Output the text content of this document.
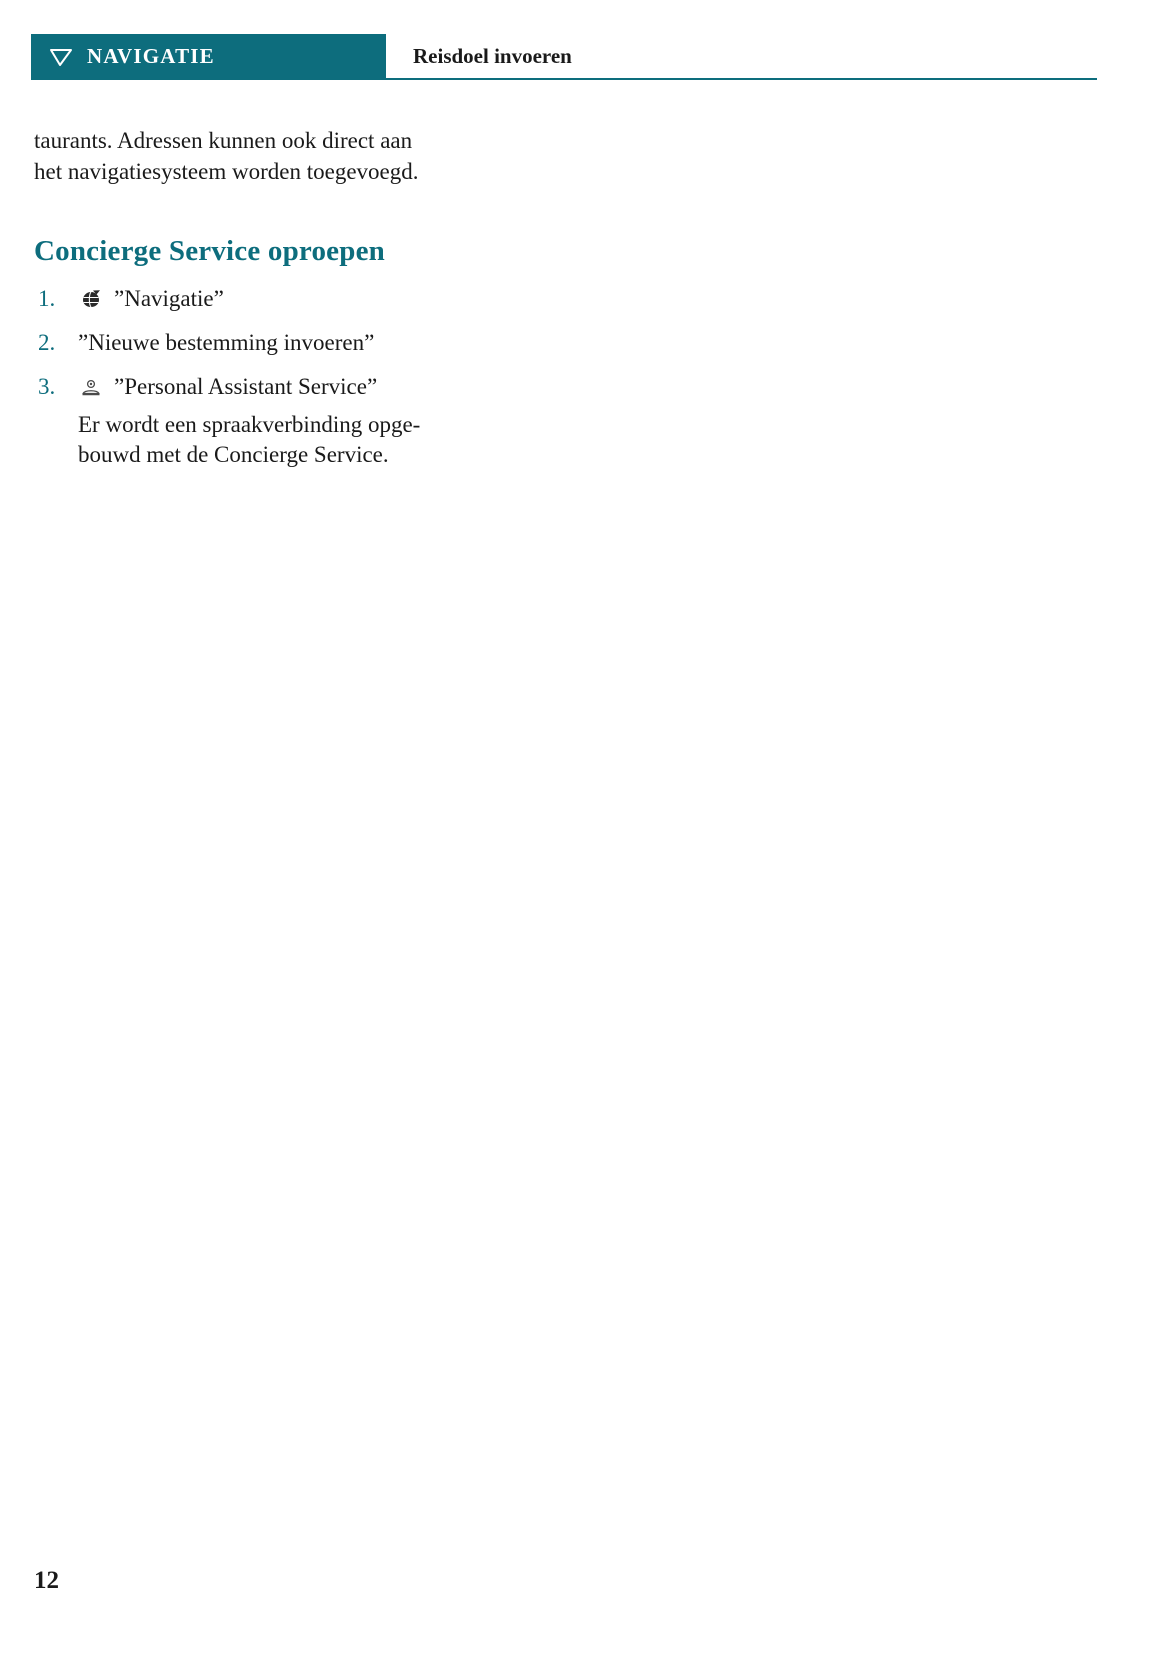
NAVIGATIE	Reisdoel invoeren

taurants. Adressen kunnen ook direct aan
het navigatiesysteem worden toegevoegd.

Concierge Service oproepen
1.	”Navigatie”
2. ”Nieuwe bestemming invoeren”
3.	”Personal Assistant Service”
Er wordt een spraakverbinding opge-
bouwd met de Concierge Service.
12
